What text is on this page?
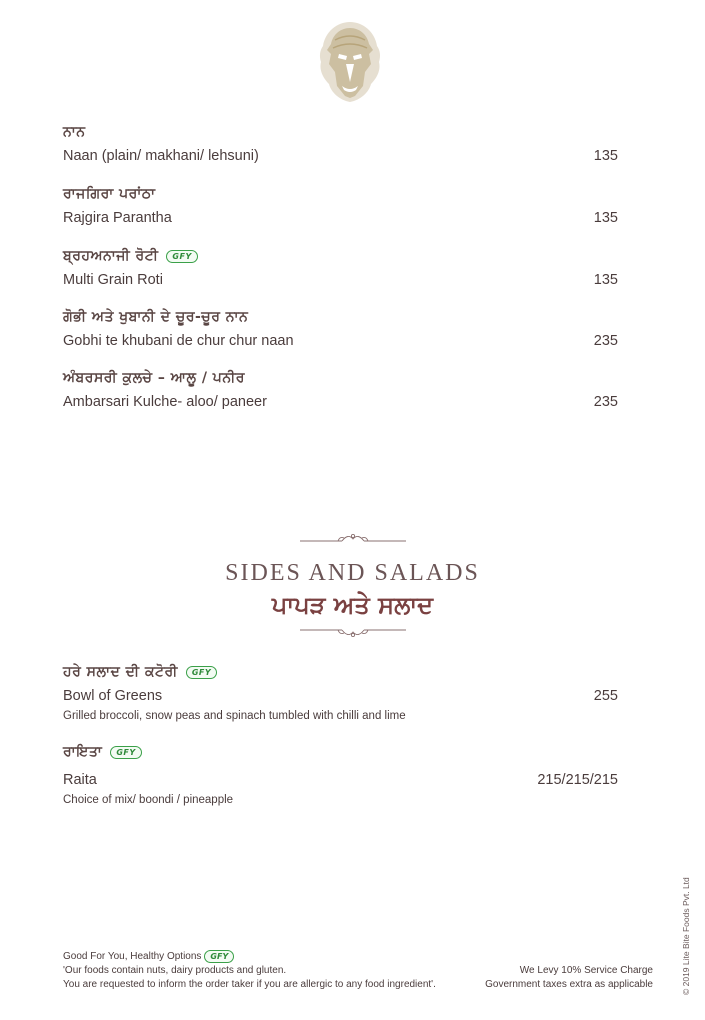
ਨਾਨ
Naan (plain/ makhani/ lehsuni)	135
ਰਾਜਗਿਰਾ ਪਰਾਂਠਾ
Rajgira Parantha	135
ਬ੍ਰਹਅਨਾਜੀ ਰੋਟੀ GFY
Multi Grain Roti	135
ਗੋਭੀ ਅਤੇ ਖੁਬਾਨੀ ਦੇ ਚੂਰ-ਚੂਰ ਨਾਨ
Gobhi te khubani de chur chur naan	235
ਅੰਬਰਸਰੀ ਕੁਲਚੇ – ਆਲੂ / ਪਨੀਰ
Ambarsari Kulche- aloo/ paneer	235
SIDES AND SALADS
ਪਾਪੜ ਅਤੇ ਸਲਾਦ
ਹਰੇ ਸਲਾਦ ਦੀ ਕਟੋਰੀ GFY
Bowl of Greens	255
Grilled broccoli, snow peas and spinach tumbled with chilli and lime
ਰਾਇਤਾ GFY
Raita	215/215/215
Choice of mix/ boondi / pineapple
Good For You, Healthy Options GFY
'Our foods contain nuts, dairy products and gluten.
You are requested to inform the order taker if you are allergic to any food ingredient'.
We Levy 10% Service Charge
Government taxes extra as applicable	© 2019 Lite Bite Foods Pvt. Ltd
